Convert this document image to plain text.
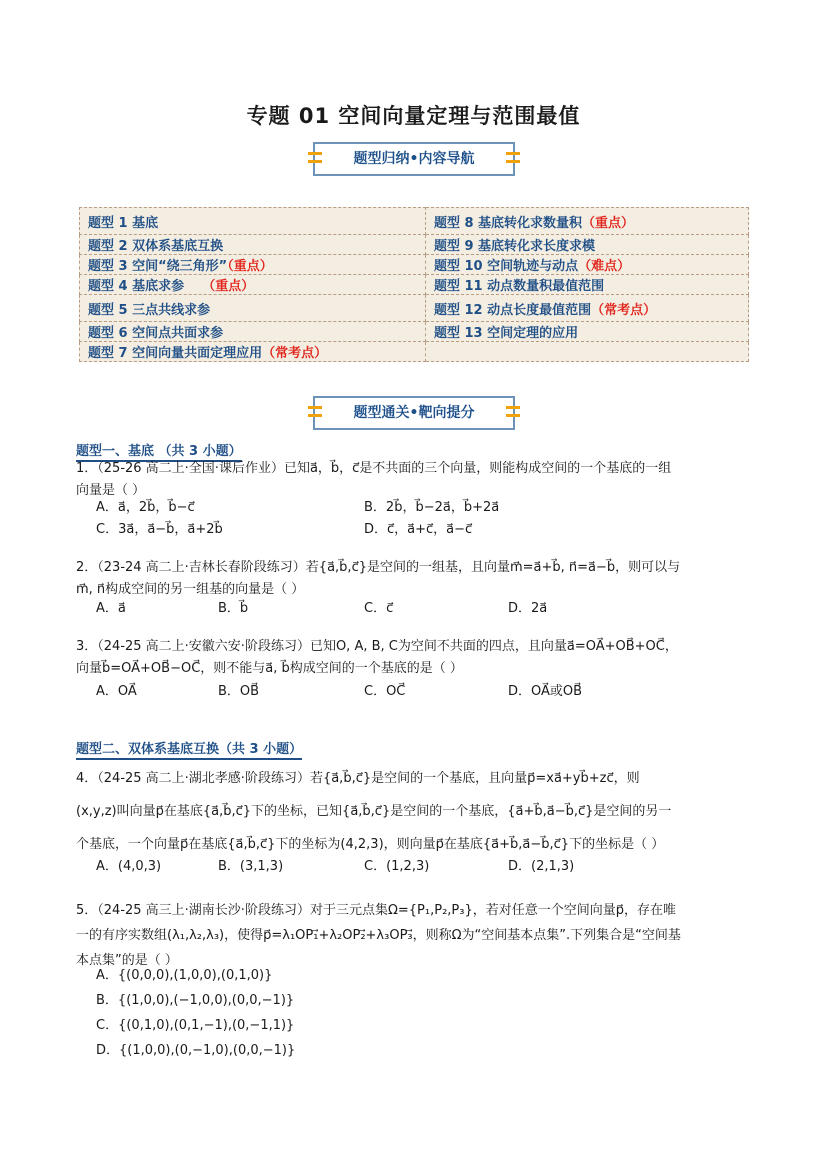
专题 01 空间向量定理与范围最值
题型归纳•内容导航
题型 1 基底	题型 8 基底转化求数量积（重点）
题型 2 双体系基底互换	题型 9 基底转化求长度求模
题型 3 空间“绕三角形”（重点）	题型 10 空间轨迹与动点（难点）
题型 4 基底求参 （重点）	题型 11 动点数量积最值范围
题型 5 三点共线求参	题型 12 动点长度最值范围（常考点）
题型 6 空间点共面求参	题型 13 空间定理的应用
题型 7 空间向量共面定理应用（常考点）	
题型通关•靶向提分
题型一、基底 （共 3 小题）
1．（25-26 高二上·全国·课后作业）已知a⃗，b⃗，c⃗是不共面的三个向量，则能构成空间的一个基底的一组
向量是（ ）
A．a⃗，2b⃗，b⃗−c⃗	B．2b⃗，b⃗−2a⃗，b⃗+2a⃗
C．3a⃗，a⃗−b⃗，a⃗+2b⃗	D．c⃗，a⃗+c⃗，a⃗−c⃗
2．（23-24 高二上·吉林长春阶段练习）若{a⃗,b⃗,c⃗}是空间的一组基，且向量m⃗=a⃗+b⃗, n⃗=a⃗−b⃗，则可以与
m⃗, n⃗构成空间的另一组基的向量是（ ）
A．a⃗	B．b⃗	C．c⃗	D．2a⃗
3．（24-25 高二上·安徽六安·阶段练习）已知O, A, B, C为空间不共面的四点，且向量a⃗=OA⃗+OB⃗+OC⃗，
向量b⃗=OA⃗+OB⃗−OC⃗，则不能与a⃗, b⃗构成空间的一个基底的是（ ）
A．OA⃗	B．OB⃗	C．OC⃗	D．OA⃗或OB⃗
题型二、双体系基底互换（共 3 小题）
4．（24-25 高二上·湖北孝感·阶段练习）若{a⃗,b⃗,c⃗}是空间的一个基底，且向量p⃗=xa⃗+yb⃗+zc⃗，则
(x,y,z)叫向量p⃗在基底{a⃗,b⃗,c⃗}下的坐标，已知{a⃗,b⃗,c⃗}是空间的一个基底，{a⃗+b⃗,a⃗−b⃗,c⃗}是空间的另一
个基底，一个向量p⃗在基底{a⃗,b⃗,c⃗}下的坐标为(4,2,3)，则向量p⃗在基底{a⃗+b⃗,a⃗−b⃗,c⃗}下的坐标是（ ）
A．(4,0,3)	B．(3,1,3)	C．(1,2,3)	D．(2,1,3)
5．（24-25 高三上·湖南长沙·阶段练习）对于三元点集Ω={P₁,P₂,P₃}，若对任意一个空间向量p⃗，存在唯
一的有序实数组(λ₁,λ₂,λ₃)，使得p⃗=λ₁OP₁⃗+λ₂OP₂⃗+λ₃OP₃⃗，则称Ω为“空间基本点集”.下列集合是“空间基
本点集”的是（ ）
A．{(0,0,0),(1,0,0),(0,1,0)}
B．{(1,0,0),(−1,0,0),(0,0,−1)}
C．{(0,1,0),(0,1,−1),(0,−1,1)}
D．{(1,0,0),(0,−1,0),(0,0,−1)}
